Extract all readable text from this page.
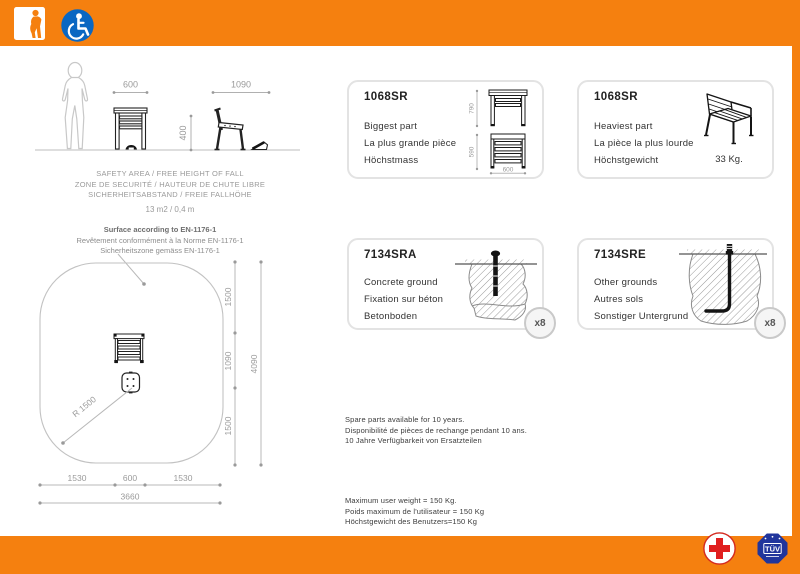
600	1090
400
SAFETY AREA / FREE HEIGHT OF FALL
ZONE DE SECURITÉ / HAUTEUR DE CHUTE LIBRE
SICHERHEITSABSTAND / FREIE FALLHÖHE
13 m2 / 0,4 m
Surface according to EN-1176-1
Revêtement conformément à la Norme EN-1176-1
Sicherheitszone gemäss EN-1176-1
R 1500
1500
1090
1500
4090
1530	600	1530
3660
1068SR
Biggest part
La plus grande pièce
Höchstmass
790
590
600
1068SR
Heaviest part
La pièce la plus lourde
Höchstgewicht	33 Kg.
7134SRA
Concrete ground
Fixation sur béton
Betonboden
x8
7134SRE
Other grounds
Autres sols
Sonstiger Untergrund
x8
Spare parts available for 10 years.
Disponibilité de pièces de rechange pendant 10 ans.
10 Jahre Verfügbarkeit von Ersatzteilen
Maximum user weight = 150 Kg.
Poids maximum de l'utilisateur = 150 Kg
Höchstgewicht des Benutzers=150 Kg
TÜV
